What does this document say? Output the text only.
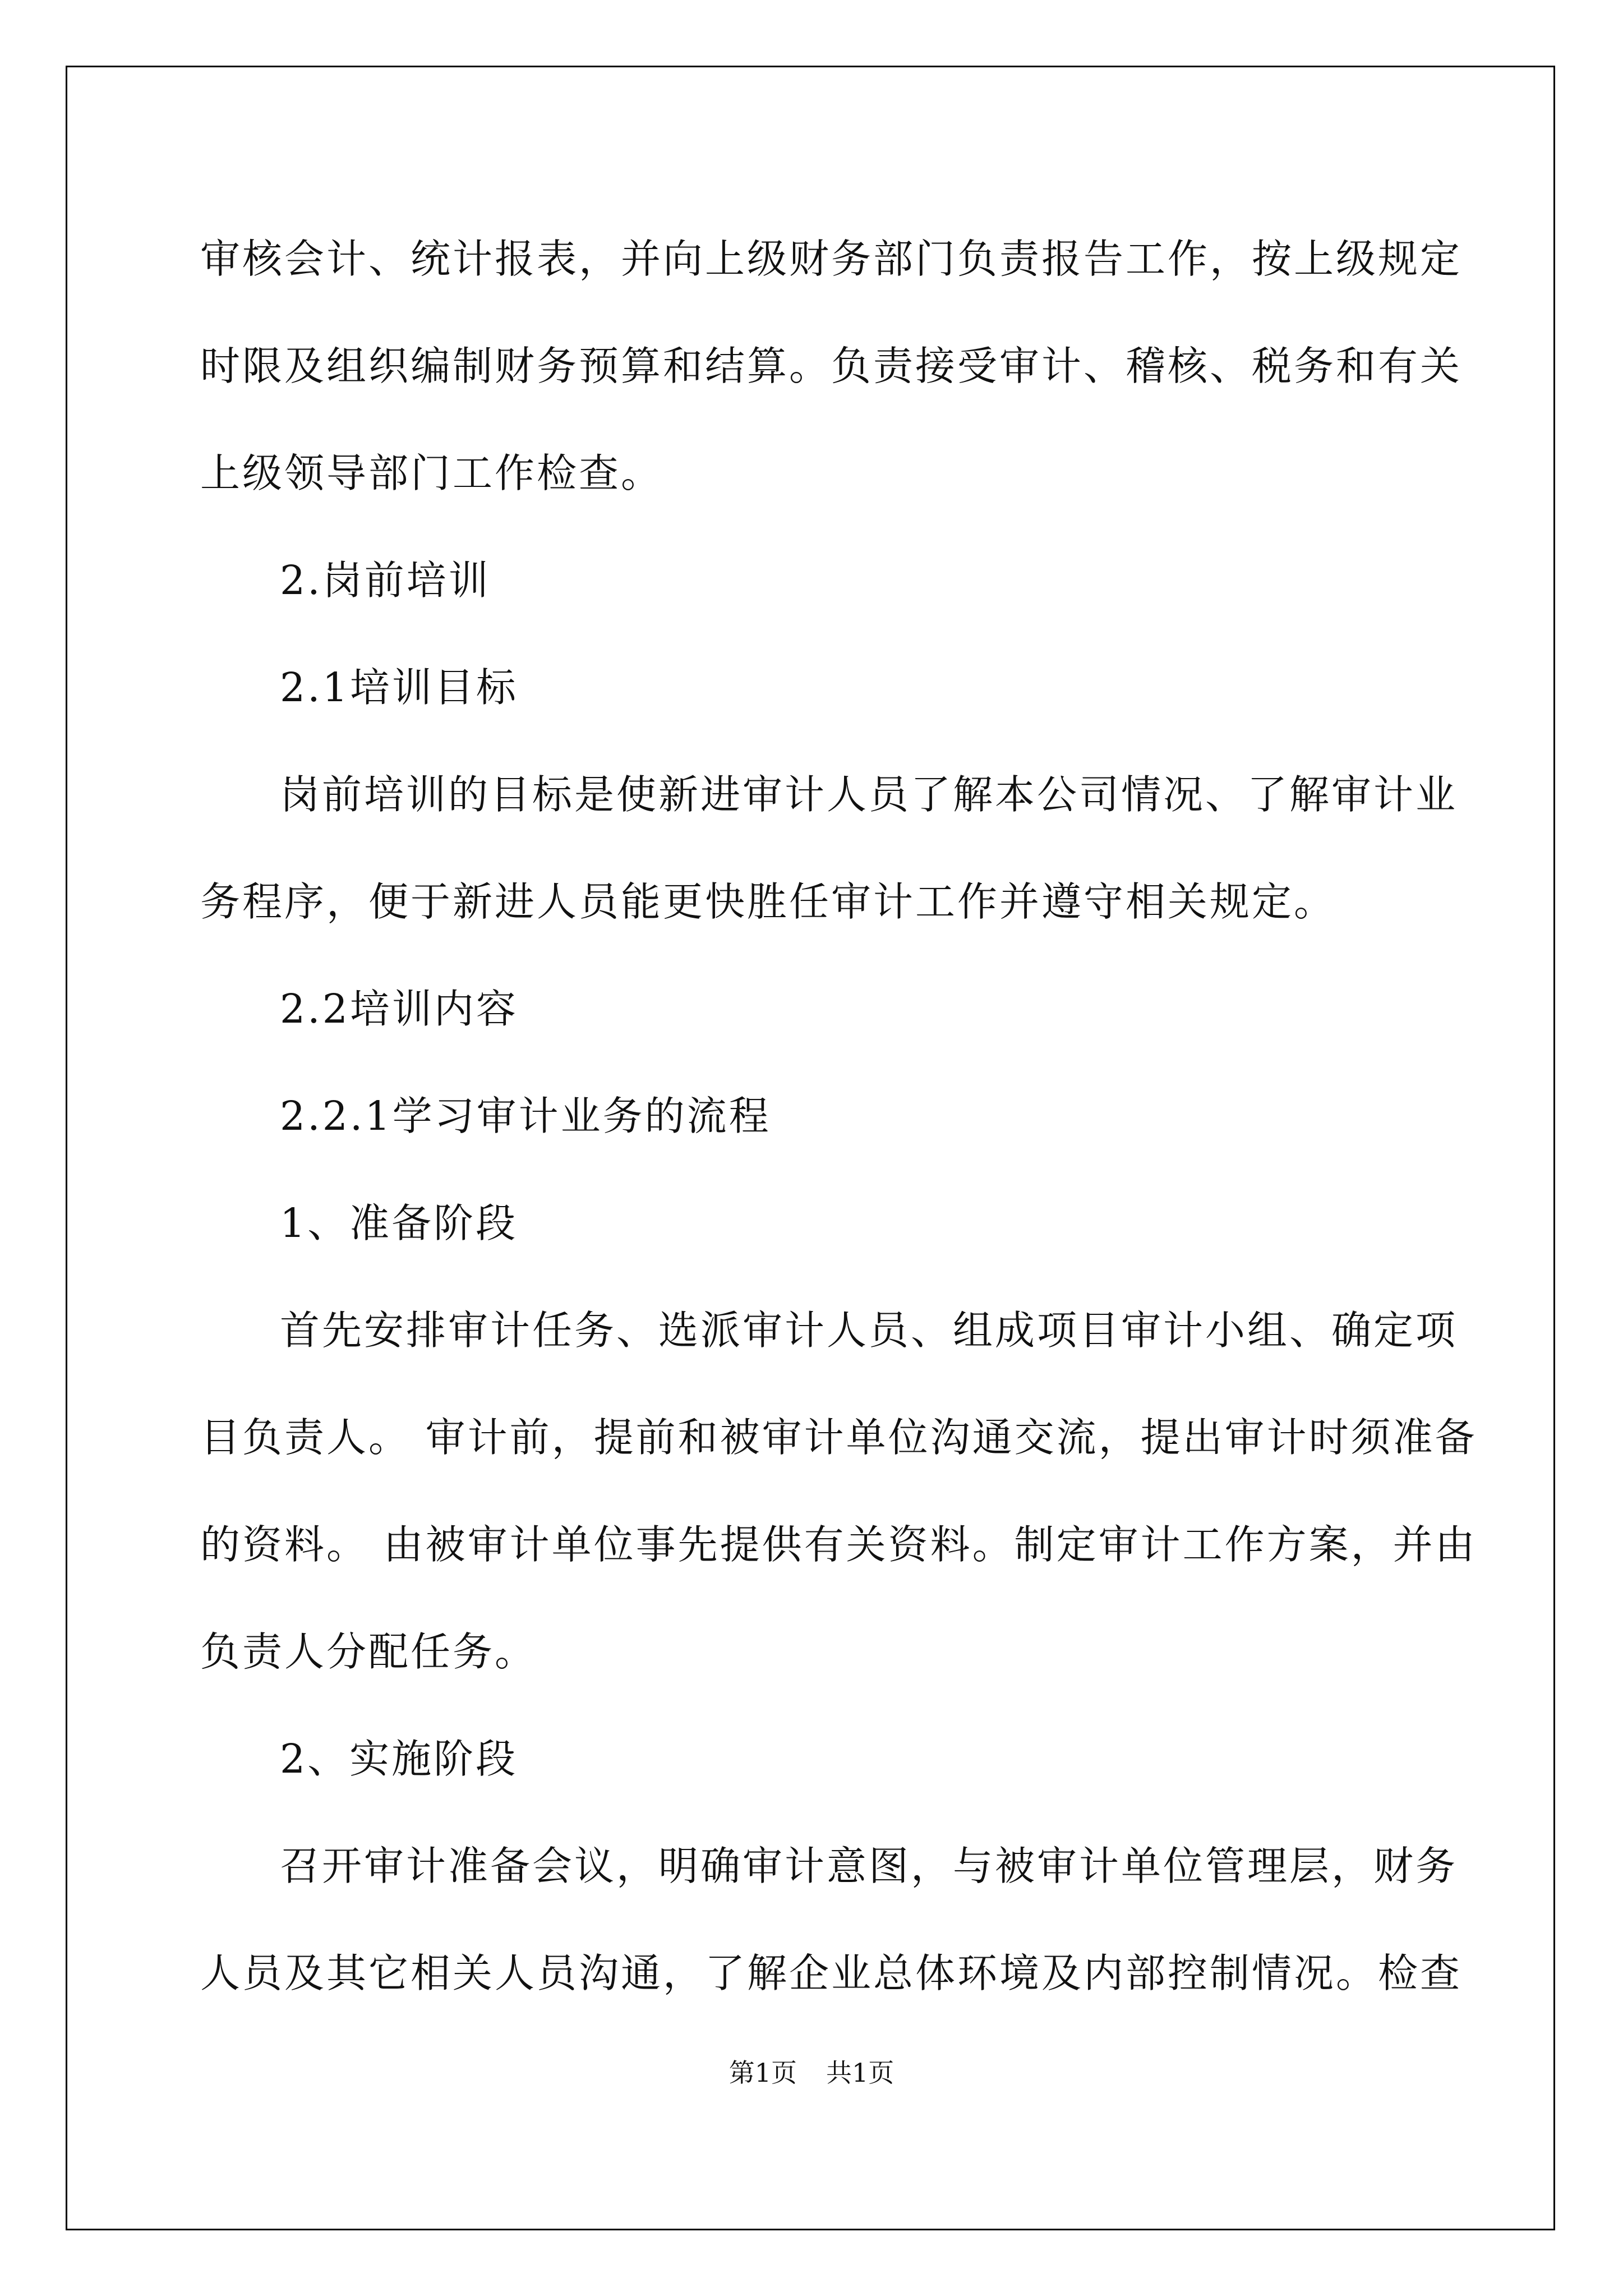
审核会计、统计报表，并向上级财务部门负责报告工作，按上级规定
时限及组织编制财务预算和结算。负责接受审计、稽核、税务和有关
上级领导部门工作检查。
2.岗前培训
2.1培训目标
岗前培训的目标是使新进审计人员了解本公司情况、了解审计业
务程序，便于新进人员能更快胜任审计工作并遵守相关规定。
2.2培训内容
2.2.1学习审计业务的流程
1、准备阶段
首先安排审计任务、选派审计人员、组成项目审计小组、确定项
目负责人。 审计前，提前和被审计单位沟通交流，提出审计时须准备
的资料。 由被审计单位事先提供有关资料。制定审计工作方案，并由
负责人分配任务。
2、实施阶段
召开审计准备会议，明确审计意图，与被审计单位管理层，财务
人员及其它相关人员沟通，了解企业总体环境及内部控制情况。检查
第1页 共1页
